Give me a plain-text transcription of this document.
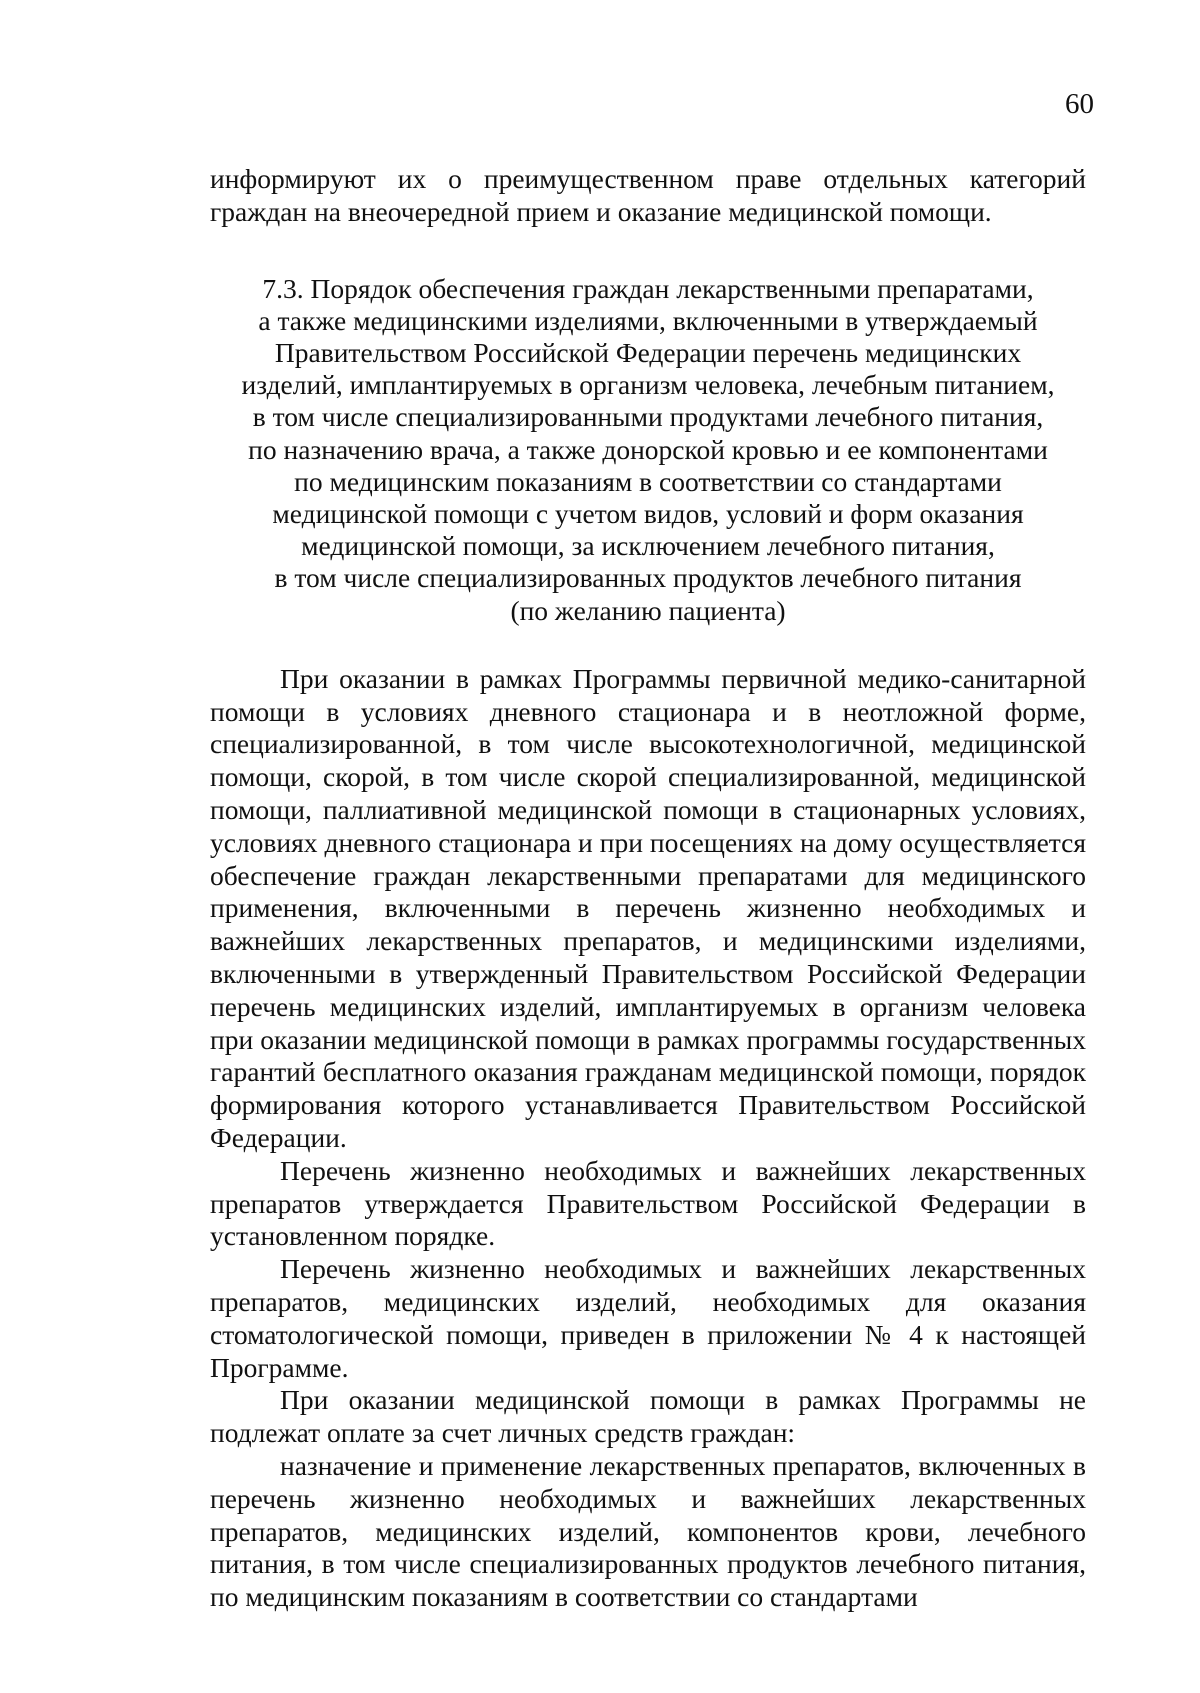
60

информируют их о преимущественном праве отдельных категорий граждан на внеочередной прием и оказание медицинской помощи.

7.3. Порядок обеспечения граждан лекарственными препаратами,
а также медицинскими изделиями, включенными в утверждаемый
Правительством Российской Федерации перечень медицинских
изделий, имплантируемых в организм человека, лечебным питанием,
в том числе специализированными продуктами лечебного питания,
по назначению врача, а также донорской кровью и ее компонентами
по медицинским показаниям в соответствии со стандартами
медицинской помощи с учетом видов, условий и форм оказания
медицинской помощи, за исключением лечебного питания,
в том числе специализированных продуктов лечебного питания
(по желанию пациента)

При оказании в рамках Программы первичной медико-санитарной помощи в условиях дневного стационара и в неотложной форме, специализированной, в том числе высокотехнологичной, медицинской помощи, скорой, в том числе скорой специализированной, медицинской помощи, паллиативной медицинской помощи в стационарных условиях, условиях дневного стационара и при посещениях на дому осуществляется обеспечение граждан лекарственными препаратами для медицинского применения, включенными в перечень жизненно необходимых и важнейших лекарственных препаратов, и медицинскими изделиями, включенными в утвержденный Правительством Российской Федерации перечень медицинских изделий, имплантируемых в организм человека при оказании медицинской помощи в рамках программы государственных гарантий бесплатного оказания гражданам медицинской помощи, порядок формирования которого устанавливается Правительством Российской Федерации.

Перечень жизненно необходимых и важнейших лекарственных препаратов утверждается Правительством Российской Федерации в установленном порядке.

Перечень жизненно необходимых и важнейших лекарственных препаратов, медицинских изделий, необходимых для оказания стоматологической помощи, приведен в приложении № 4 к настоящей Программе.

При оказании медицинской помощи в рамках Программы не подлежат оплате за счет личных средств граждан:

назначение и применение лекарственных препаратов, включенных в перечень жизненно необходимых и важнейших лекарственных препаратов, медицинских изделий, компонентов крови, лечебного питания, в том числе специализированных продуктов лечебного питания, по медицинским показаниям в соответствии со стандартами
